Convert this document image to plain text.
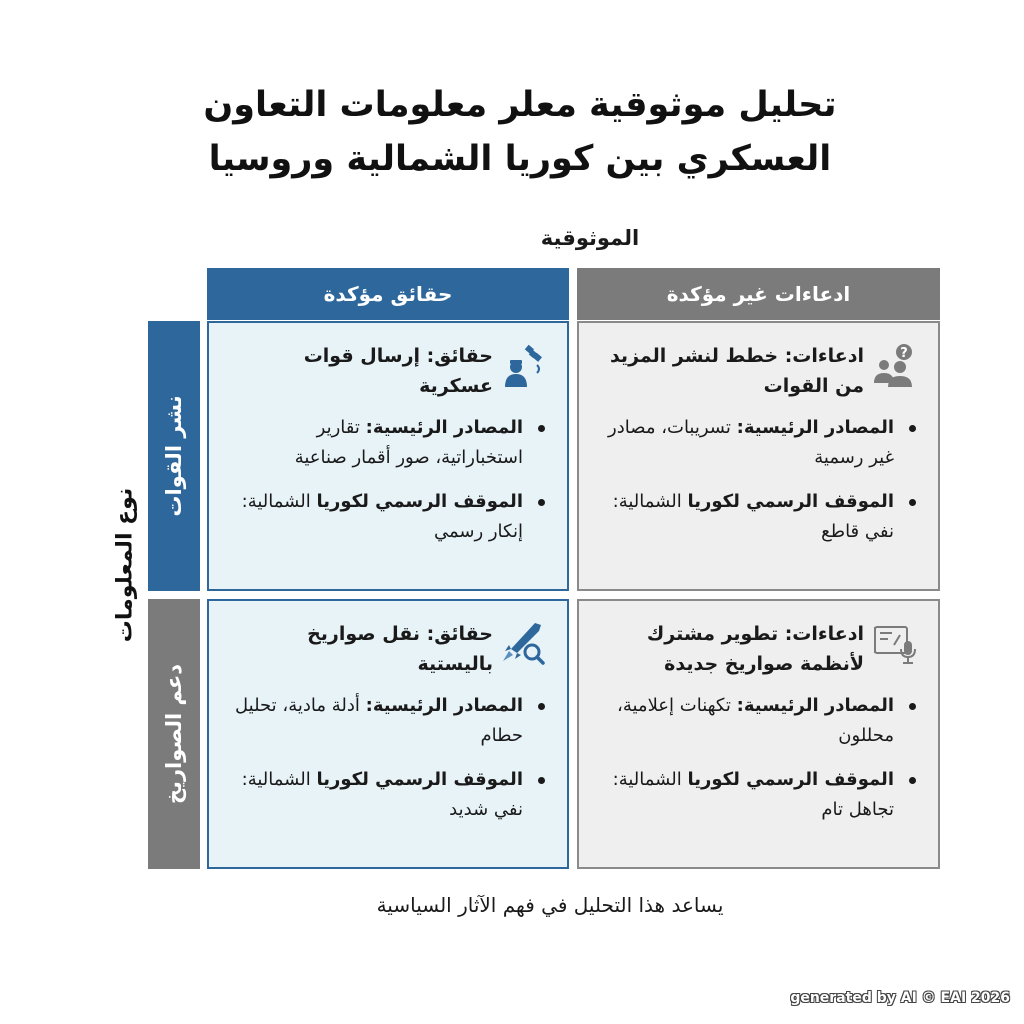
تحليل موثوقية معلر معلومات التعاون
العسكري بين كوريا الشمالية وروسيا
الموثوقية
نوع المعلومات
حقائق مؤكدة	ادعاءات غير مؤكدة
نشر القوات
دعم الصواريخ
حقائق: إرسال قوات عسكرية
المصادر الرئيسية: تقارير استخباراتية، صور أقمار صناعية
الموقف الرسمي لكوريا الشمالية: إنكار رسمي
?
ادعاءات: خطط لنشر المزيد من القوات
المصادر الرئيسية: تسريبات، مصادر غير رسمية
الموقف الرسمي لكوريا الشمالية: نفي قاطع
حقائق: نقل صواريخ باليستية
المصادر الرئيسية: أدلة مادية، تحليل حطام
الموقف الرسمي لكوريا الشمالية: نفي شديد
ادعاءات: تطوير مشترك لأنظمة صواريخ جديدة
المصادر الرئيسية: تكهنات إعلامية، محللون
الموقف الرسمي لكوريا الشمالية: تجاهل تام
يساعد هذا التحليل في فهم الآثار السياسية
generated by AI © EAI 2026
